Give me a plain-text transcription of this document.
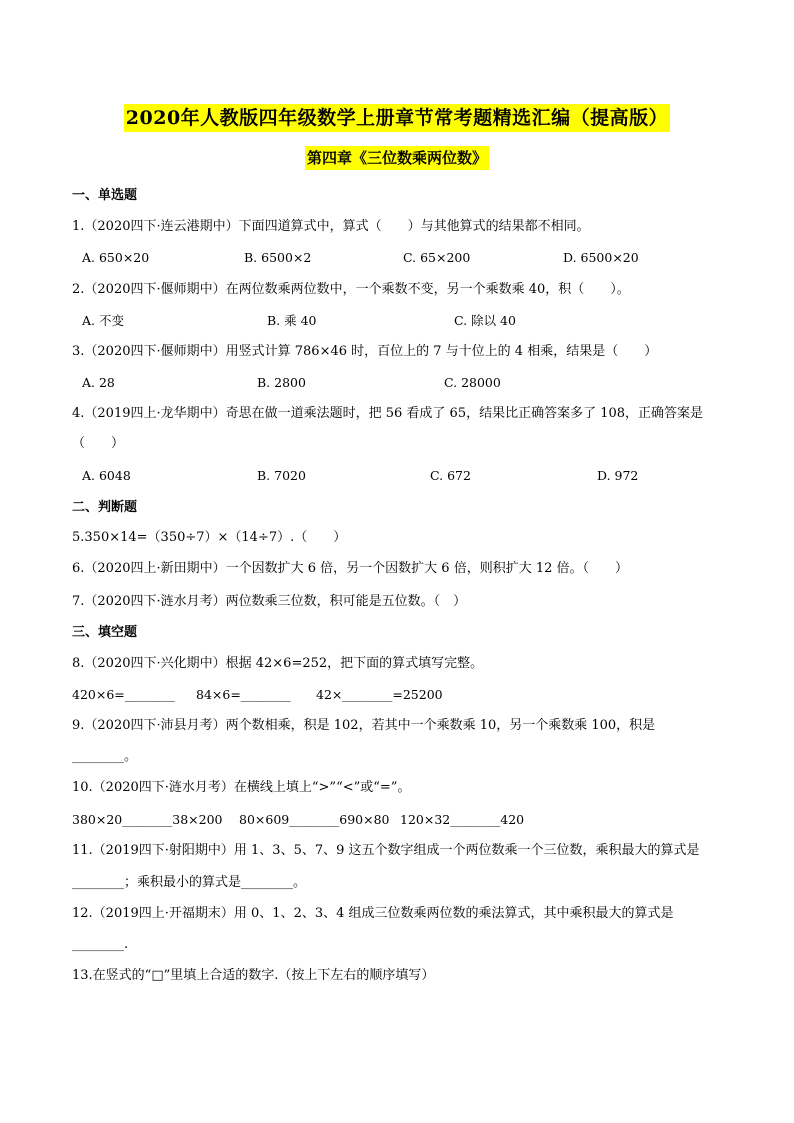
2020年人教版四年级数学上册章节常考题精选汇编（提高版）
第四章《三位数乘两位数》
一、单选题
1.（2020四下·连云港期中）下面四道算式中，算式（　　）与其他算式的结果都不相同。
A. 650×20	B. 6500×2	C. 65×200	D. 6500×20
2.（2020四下·偃师期中）在两位数乘两位数中，一个乘数不变，另一个乘数乘 40，积（　　）。
A. 不变	B. 乘 40	C. 除以 40
3.（2020四下·偃师期中）用竖式计算 786×46 时，百位上的 7 与十位上的 4 相乘，结果是（　　）
A. 28	B. 2800	C. 28000
4.（2019四上·龙华期中）奇思在做一道乘法题时，把 56 看成了 65，结果比正确答案多了 108，正确答案是
（　　）
A. 6048	B. 7020	C. 672	D. 972
二、判断题
5.350×14=（350÷7）×（14÷7）.（　　）
6.（2020四上·新田期中）一个因数扩大 6 倍，另一个因数扩大 6 倍，则积扩大 12 倍。（　　）
7.（2020四下·涟水月考）两位数乘三位数，积可能是五位数。（　）
三、填空题
8.（2020四下·兴化期中）根据 42×6=252，把下面的算式填写完整。
420×6=________ 84×6=________ 42×________=25200
9.（2020四下·沛县月考）两个数相乘，积是 102，若其中一个乘数乘 10，另一个乘数乘 100，积是
________。
10.（2020四下·涟水月考）在横线上填上“>”“<”或“=”。
380×20________38×200 80×609________690×80 120×32________420
11.（2019四下·射阳期中）用 1、3、5、7、9 这五个数字组成一个两位数乘一个三位数，乘积最大的算式是
________；乘积最小的算式是________。
12.（2019四上·开福期末）用 0、1、2、3、4 组成三位数乘两位数的乘法算式，其中乘积最大的算式是
________.
13.在竖式的“□”里填上合适的数字.（按上下左右的顺序填写）
